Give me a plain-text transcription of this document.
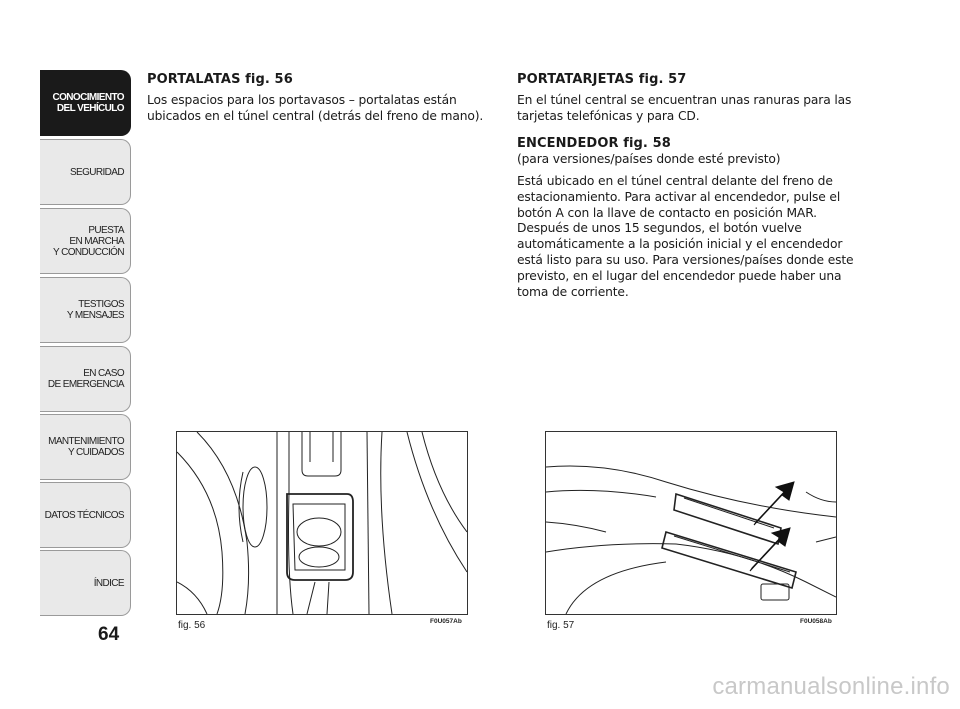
CONOCIMIENTO
DEL VEHÍCULO
SEGURIDAD
PUESTA
EN MARCHA
Y CONDUCCIÓN
TESTIGOS
Y MENSAJES
EN CASO
DE EMERGENCIA
MANTENIMIENTO
Y CUIDADOS
DATOS TÉCNICOS
ÍNDICE
64
PORTALATAS fig. 56
Los espacios para los portavasos – portalatas están ubicados en el túnel central (detrás del freno de mano).
PORTATARJETAS fig. 57
En el túnel central se encuentran unas ranuras para las tarjetas telefónicas y para CD.
ENCENDEDOR fig. 58
(para versiones/países donde esté previsto)
Está ubicado en el túnel central delante del freno de estacionamiento. Para activar al encendedor, pulse el botón A con la llave de contacto en posición MAR. Después de unos 15 segundos, el botón vuelve automáticamente a la posición inicial y el encendedor está listo para su uso. Para versiones/países donde este previsto, en el lugar del encendedor puede haber una toma de corriente.
fig. 56	F0U057Ab	fig. 57	F0U058Ab
carmanualsonline.info
